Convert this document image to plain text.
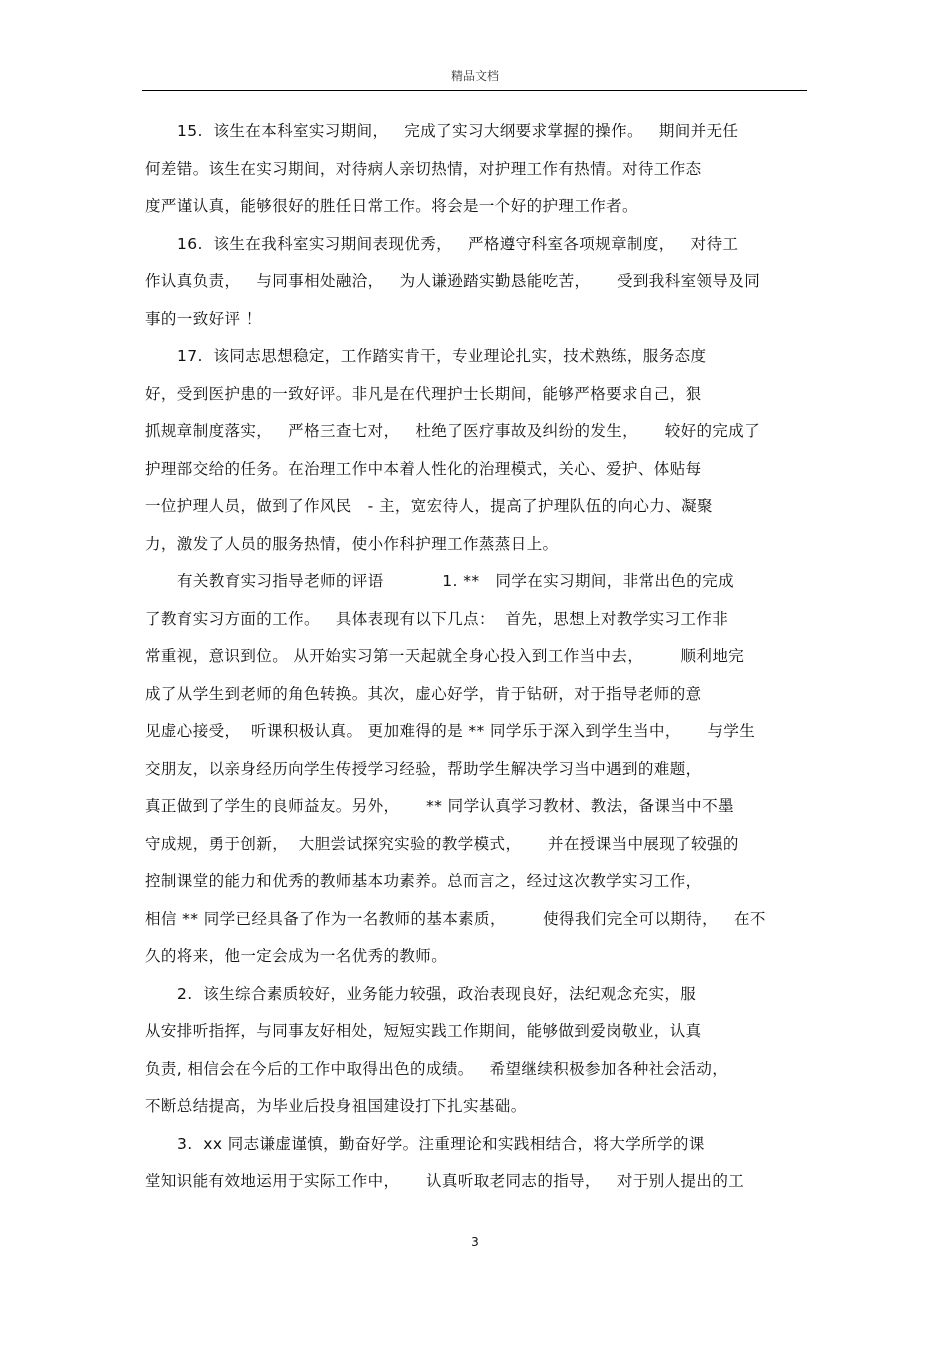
精品文档
15.  该生在本科室实习期间，   完成了实习大纲要求掌握的操作。   期间并无任
何差错。该生在实习期间，对待病人亲切热情，对护理工作有热情。对待工作态
度严谨认真，能够很好的胜任日常工作。将会是一个好的护理工作者。
16.  该生在我科室实习期间表现优秀，   严格遵守科室各项规章制度，   对待工
作认真负责，   与同事相处融洽，   为人谦逊踏实勤恳能吃苦，     受到我科室领导及同
事的一致好评 ！
17.  该同志思想稳定，工作踏实肯干，专业理论扎实，技术熟练，服务态度
好，受到医护患的一致好评。非凡是在代理护士长期间，能够严格要求自己，狠
抓规章制度落实，   严格三查七对，   杜绝了医疗事故及纠纷的发生，     较好的完成了
护理部交给的任务。在治理工作中本着人性化的治理模式，关心、爱护、体贴每
一位护理人员，做到了作风民   - 主，宽宏待人，提高了护理队伍的向心力、凝聚
力，激发了人员的服务热情，使小作科护理工作蒸蒸日上。
有关教育实习指导老师的评语           1. **   同学在实习期间，非常出色的完成
了教育实习方面的工作。   具体表现有以下几点：  首先，思想上对教学实习工作非
常重视，意识到位。 从开始实习第一天起就全身心投入到工作当中去，       顺利地完
成了从学生到老师的角色转换。其次，虚心好学，肯于钻研，对于指导老师的意
见虚心接受，  听课积极认真。 更加难得的是 ** 同学乐于深入到学生当中，     与学生
交朋友，以亲身经历向学生传授学习经验，帮助学生解决学习当中遇到的难题，
真正做到了学生的良师益友。另外，     ** 同学认真学习教材、教法，备课当中不墨
守成规，勇于创新，  大胆尝试探究实验的教学模式，     并在授课当中展现了较强的
控制课堂的能力和优秀的教师基本功素养。总而言之，经过这次教学实习工作，
相信 ** 同学已经具备了作为一名教师的基本素质，       使得我们完全可以期待，   在不
久的将来，他一定会成为一名优秀的教师。
2.  该生综合素质较好，业务能力较强，政治表现良好，法纪观念充实，服
从安排听指挥，与同事友好相处，短短实践工作期间，能够做到爱岗敬业，认真
负责, 相信会在今后的工作中取得出色的成绩。   希望继续积极参加各种社会活动，
不断总结提高，为毕业后投身祖国建设打下扎实基础。
3.  xx 同志谦虚谨慎，勤奋好学。注重理论和实践相结合，将大学所学的课
堂知识能有效地运用于实际工作中，     认真听取老同志的指导，   对于别人提出的工
3
